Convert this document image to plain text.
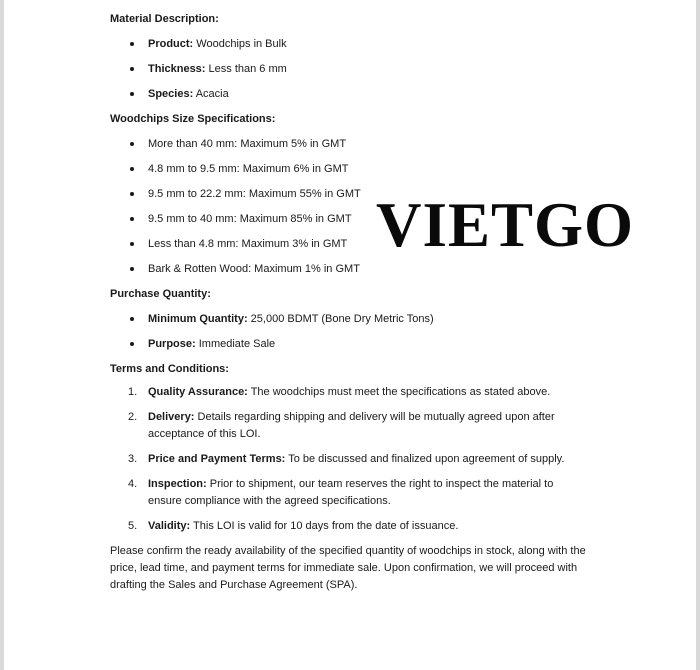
Material Description:

Product: Woodchips in Bulk
Thickness: Less than 6 mm
Species: Acacia

Woodchips Size Specifications:

More than 40 mm: Maximum 5% in GMT
4.8 mm to 9.5 mm: Maximum 6% in GMT
9.5 mm to 22.2 mm: Maximum 55% in GMT
9.5 mm to 40 mm: Maximum 85% in GMT
Less than 4.8 mm: Maximum 3% in GMT
Bark & Rotten Wood: Maximum 1% in GMT

Purchase Quantity:

Minimum Quantity: 25,000 BDMT (Bone Dry Metric Tons)
Purpose: Immediate Sale

Terms and Conditions:

1. Quality Assurance: The woodchips must meet the specifications as stated above.
2. Delivery: Details regarding shipping and delivery will be mutually agreed upon after acceptance of this LOI.
3. Price and Payment Terms: To be discussed and finalized upon agreement of supply.
4. Inspection: Prior to shipment, our team reserves the right to inspect the material to ensure compliance with the agreed specifications.
5. Validity: This LOI is valid for 10 days from the date of issuance.

Please confirm the ready availability of the specified quantity of woodchips in stock, along with the price, lead time, and payment terms for immediate sale. Upon confirmation, we will proceed with drafting the Sales and Purchase Agreement (SPA).

VIETGO
